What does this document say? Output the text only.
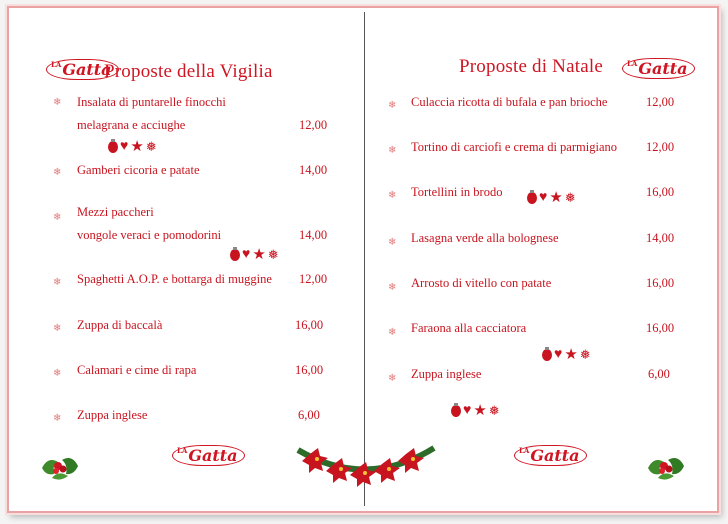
$^{LA}$Gatta
Proposte della Vigilia	Proposte di Natale	$^{LA}$Gatta
❄ Insalata di puntarelle finocchi
melagrana e acciughe	12,00
♥ ★ ❅
❄ Gamberi cicoria e patate	14,00
❄ Mezzi paccheri
vongole veraci e pomodorini	14,00
♥ ★ ❅
❄ Spaghetti A.O.P. e bottarga di muggine 12,00
❄ Zuppa di baccalà	16,00
❄ Calamari e cime di rapa	16,00
❄ Zuppa inglese	6,00
❄ Culaccia ricotta di bufala e pan brioche	12,00
❄ Tortino di carciofi e crema di parmigiano 12,00
❄ Tortellini in brodo	16,00
♥ ★ ❅
❄ Lasagna verde alla bolognese	14,00
❄ Arrosto di vitello con patate	16,00
❄ Faraona alla cacciatora	16,00
♥ ★ ❅
❄ Zuppa inglese	6,00
♥ ★ ❅
$^{LA}$Gatta	$^{LA}$Gatta
